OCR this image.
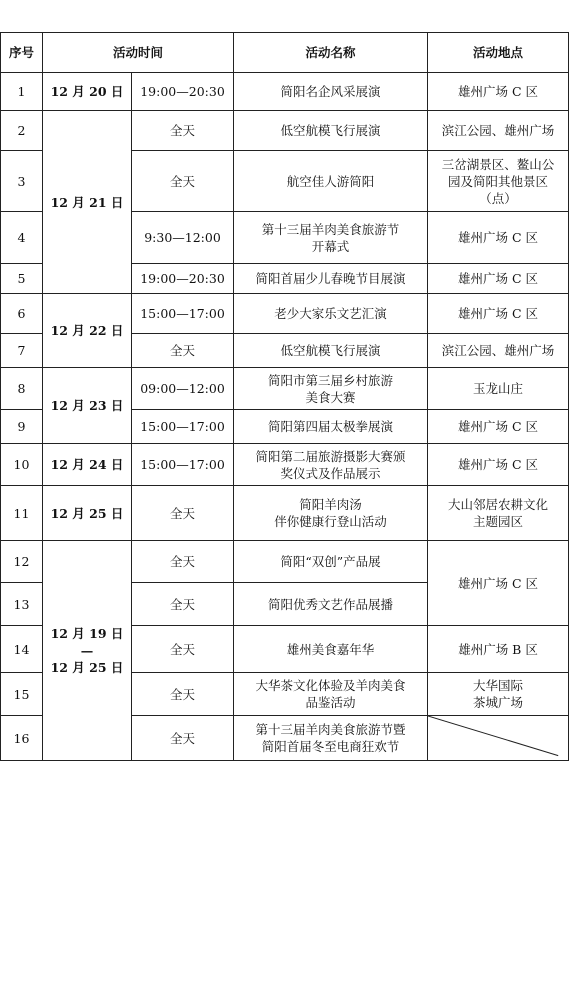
序号	活动时间		活动名称	活动地点
1	12 月 20 日	19:00—20:30	简阳名企风采展演	雄州广场 C 区

2	12 月 21 日	全天	低空航模飞行展演	滨江公园、雄州广场

3		全天	航空佳人游简阳	三岔湖景区、鳌山公
园及简阳其他景区
（点）

4		9:30—12:00	第十三届羊肉美食旅游节
开幕式	雄州广场 C 区

5		19:00—20:30	简阳首届少儿春晚节目展演	雄州广场 C 区

6	12 月 22 日	15:00—17:00	老少大家乐文艺汇演	雄州广场 C 区

7		全天	低空航模飞行展演	滨江公园、雄州广场

8	12 月 23 日	09:00—12:00	简阳市第三届乡村旅游
美食大赛	玉龙山庄

9		15:00—17:00	简阳第四届太极拳展演	雄州广场 C 区

10	12 月 24 日	15:00—17:00	简阳第二届旅游摄影大赛颁
奖仪式及作品展示	雄州广场 C 区

11	12 月 25 日	全天	简阳羊肉汤
伴你健康行登山活动	大山邻居农耕文化
主题园区

12	12 月 19 日
—
12 月 25 日	全天	简阳“双创”产品展	雄州广场 C 区

13		全天	简阳优秀文艺作品展播	

14		全天	雄州美食嘉年华	雄州广场 B 区

15		全天	大华茶文化体验及羊肉美食
品鉴活动	大华国际
茶城广场

16		全天	第十三届羊肉美食旅游节暨
简阳首届冬至电商狂欢节
